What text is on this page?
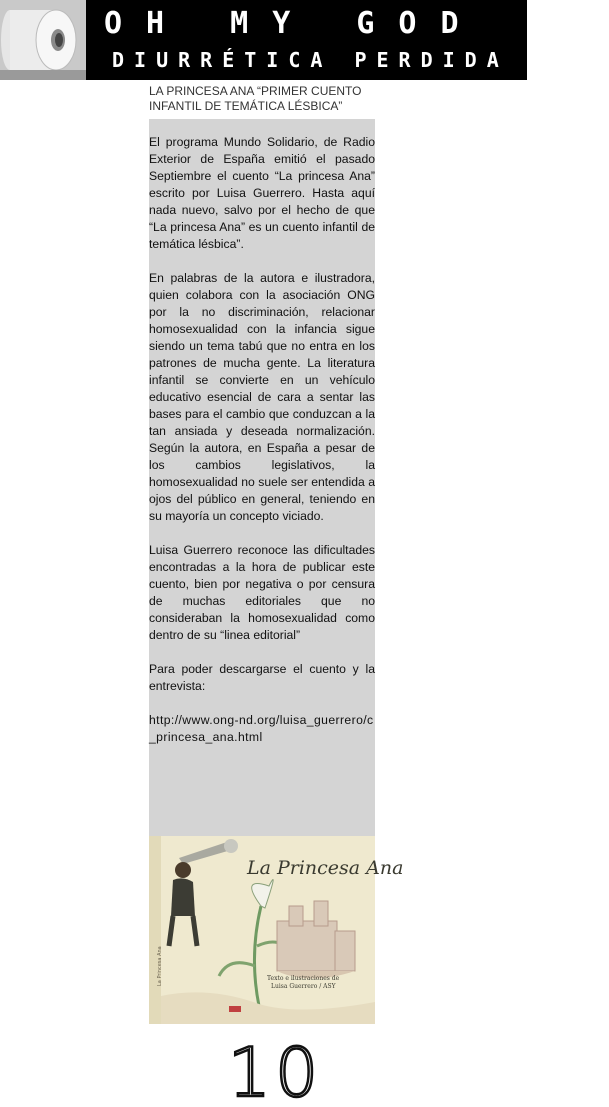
OH MY GOD !!
DIURRÉTICA PERDIDA
LA PRINCESA ANA “PRIMER CUENTO INFANTIL DE TEMÁTICA LÉSBICA”

El programa Mundo Solidario, de Radio Exterior de España emitió el pasado Septiembre el cuento “La princesa Ana” escrito por Luisa Guerrero. Hasta aquí nada nuevo, salvo por el hecho de que “La princesa Ana” es un cuento infantil de temática lésbica”.

En palabras de la autora e ilustradora, quien colabora con la asociación ONG por la no discriminación, relacionar homosexualidad con la infancia sigue siendo un tema tabú que no entra en los patrones de mucha gente. La literatura infantil se convierte en un vehículo educativo esencial de cara a sentar las bases para el cambio que conduzcan a la tan ansiada y deseada normalización. Según la autora, en España a pesar de los cambios legislativos, la homosexualidad no suele ser entendida a ojos del público en general, teniendo en su mayoría un concepto viciado.

Luisa Guerrero reconoce las dificultades encontradas a la hora de publicar este cuento, bien por negativa o por censura de muchas editoriales que no consideraban la homosexualidad como dentro de su “linea editorial”

Para poder descargarse el cuento y la entrevista:

http://www.ong-nd.org/luisa_guerrero/c_princesa_ana.html

La Princesa Ana
La Princesa Ana	Texto e ilustraciones de
Luisa Guerrero / ASY
10
